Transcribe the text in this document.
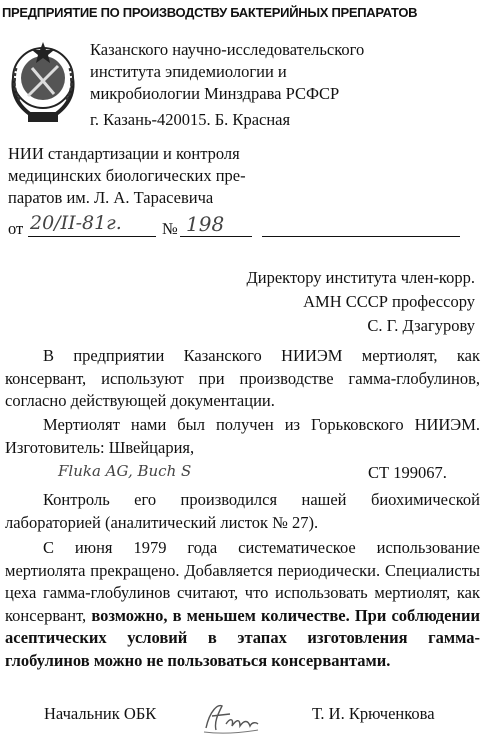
ПРЕДПРИЯТИЕ ПО ПРОИЗВОДСТВУ БАКТЕРИЙНЫХ ПРЕПАРАТОВ
Казанского научно-исследовательского
института эпидемиологии и
микробиологии Минздрава РСФСР
г. Казань-420015. Б. Красная
НИИ стандартизации и контроля
медицинских биологических пре-
паратов им. Л. А. Тарасевича
от 20/II-81г. № 198
Директору института член-корр.
АМН СССР профессору
С. Г. Дзагурову
В предприятии Казанского НИИЭМ мертиолят, как консервант, используют при производстве гамма-глобулинов, согласно действующей документации.
Мертиолят нами был получен из Горьковского НИИЭМ. Изготовитель: Швейцария,
Fluka AG, Buch S	СТ 199067.
Контроль его производился нашей биохимической лабораторией (аналитический листок № 27).
С июня 1979 года систематическое использование мертиолята прекращено. Добавляется периодически. Специалисты цеха гамма-глобулинов считают, что использовать мертиолят, как консервант, возможно, в меньшем количестве. При соблюдении асептических условий в этапах изготовления гамма-глобулинов можно не пользоваться консервантами.
Начальник ОБК	Т. И. Крюченкова
